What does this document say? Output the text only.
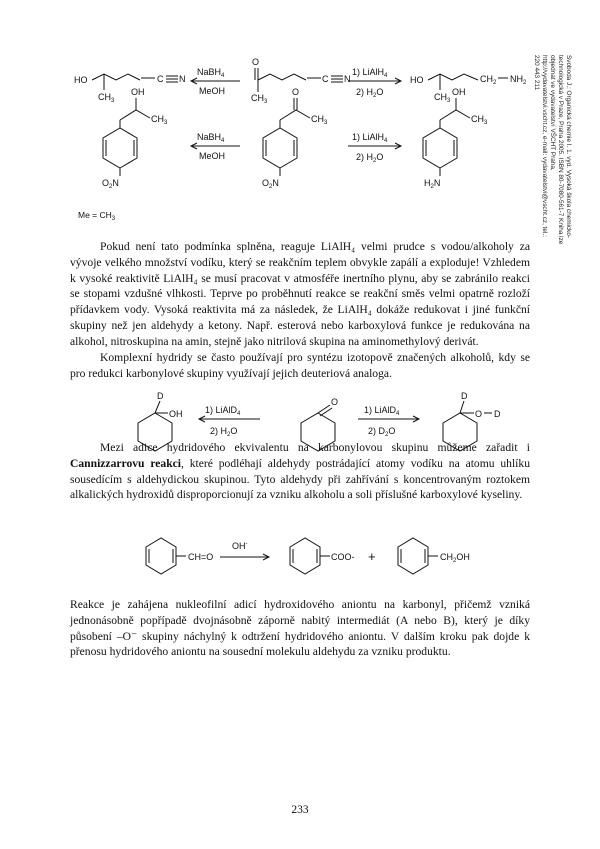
HO
$CH_3$
C N
NaBH$_4$
MeOH
O
$CH_3$
C N
1) LiAlH$_4$
2) $H_2O$
HO
$CH_3$
$CH_2$ $NH_2$
OH
$CH_3$
$O_2N$
NaBH$_4$
MeOH
O
$CH_3$
$O_2N$
1) LiAlH$_4$
2) $H_2O$
OH
$CH_3$
$H_2N$
$Me = CH_3$

Pokud není tato podmínka splněna, reaguje LiAlH₄ velmi prudce s vodou/alkoholy za vývoje velkého množství vodíku, který se reakčním teplem obvykle zapálí a exploduje! Vzhledem k vysoké reaktivitě LiAlH₄ se musí pracovat v atmosféře inertního plynu, aby se zabránilo reakci se stopami vzdušné vlhkosti. Teprve po proběhnutí reakce se reakční směs velmi opatrně rozloží přídavkem vody. Vysoká reaktivita má za následek, že LiAlH₄ dokáže redukovat i jiné funkční skupiny než jen aldehydy a ketony. Např. esterová nebo karboxylová funkce je redukována na alkohol, nitroskupina na amin, stejně jako nitrilová skupina na aminomethylový derivát.

Komplexní hydridy se často používají pro syntézu izotopově značených alkoholů, kdy se pro redukci karbonylové skupiny využívají jejich deuteriová analoga.

D
OH	1) LiAlD$_4$
2) $H_2O$
O
1) LiAlD$_4$
2) $D_2O$
D
O D

Mezi adice hydridového ekvivalentu na karbonylovou skupinu můžeme zařadit i Cannizzarrovu reakci, které podléhají aldehydy postrádající atomy vodíku na atomu uhlíku sousedícím s aldehydickou skupinou. Tyto aldehydy při zahřívání s koncentrovaným roztokem alkalických hydroxidů disproporcionují za vzniku alkoholu a soli příslušné karboxylové kyseliny.

CH=O
OH-
COO- +	$CH_2OH$

Reakce je zahájena nukleofilní adicí hydroxidového aniontu na karbonyl, přičemž vzniká jednonásobně popřípadě dvojnásobně záporně nabitý intermediát (A nebo B), který je díky působení –O⁻ skupiny náchylný k odtržení hydridového aniontu. V dalším kroku pak dojde k přenosu hydridového aniontu na sousední molekulu aldehydu za vzniku produktu.

Svoboda J.: Organická chemie I. 1. vyd. Vysoká škola chemicko-technologická v Praze, Praha 2005. ISBN 80-7080-561-7 Kniha lze objednat ve vydavatelství VŠCHT Praha, http://vydavatelstvi.vscht.cz, e-mail: vydavatelstvi@vscht.cz, tel.: 220 443 211
233
